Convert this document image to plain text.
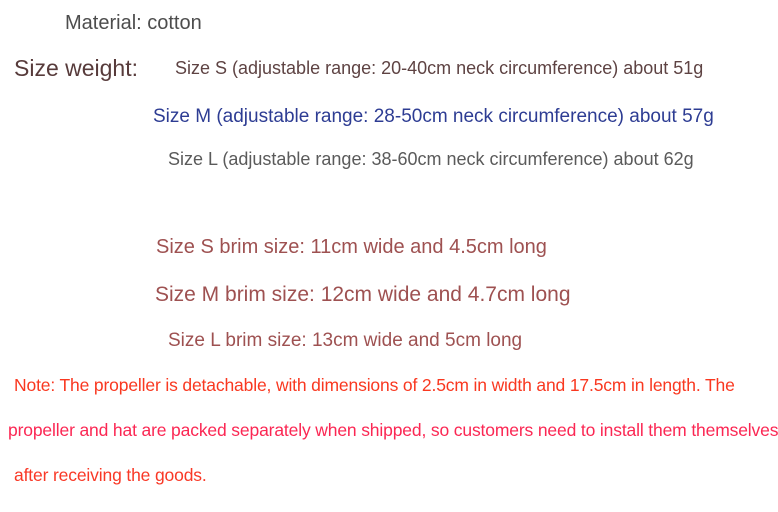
Material: cotton
Size weight: Size S (adjustable range: 20-40cm neck circumference) about 51g
Size M (adjustable range: 28-50cm neck circumference) about 57g
Size L (adjustable range: 38-60cm neck circumference) about 62g
Size S brim size: 11cm wide and 4.5cm long
Size M brim size: 12cm wide and 4.7cm long
Size L brim size: 13cm wide and 5cm long
Note: The propeller is detachable, with dimensions of 2.5cm in width and 17.5cm in length. The
propeller and hat are packed separately when shipped, so customers need to install them themselves
after receiving the goods.
